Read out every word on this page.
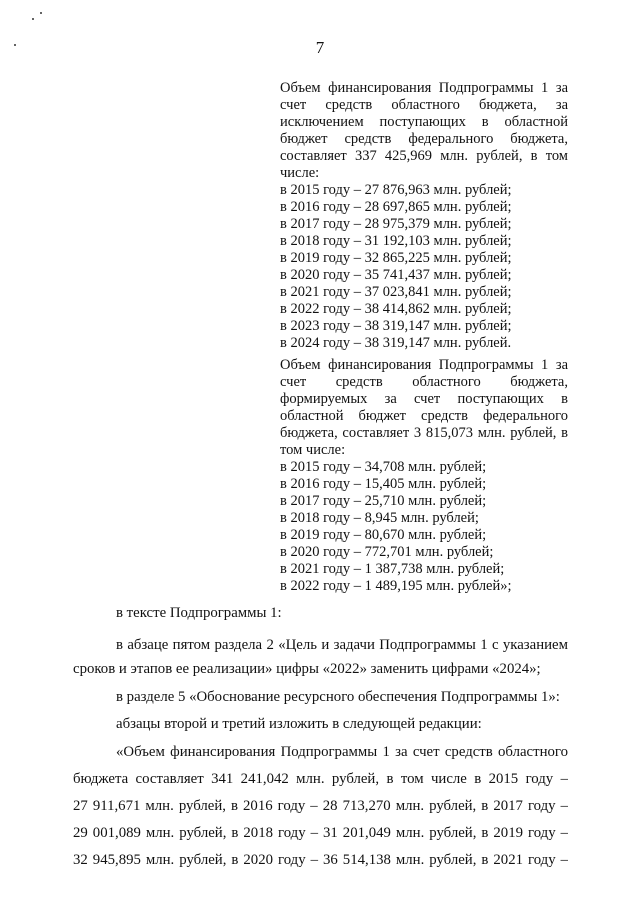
7
Объем финансирования Подпрограммы 1 за счет средств областного бюджета, за исключением поступающих в областной бюджет средств федерального бюджета, составляет 337 425,969 млн. рублей, в том числе:
в 2015 году – 27 876,963 млн. рублей;
в 2016 году – 28 697,865 млн. рублей;
в 2017 году – 28 975,379 млн. рублей;
в 2018 году – 31 192,103 млн. рублей;
в 2019 году – 32 865,225 млн. рублей;
в 2020 году – 35 741,437 млн. рублей;
в 2021 году – 37 023,841 млн. рублей;
в 2022 году – 38 414,862 млн. рублей;
в 2023 году – 38 319,147 млн. рублей;
в 2024 году – 38 319,147 млн. рублей.
Объем финансирования Подпрограммы 1 за счет средств областного бюджета, формируемых за счет поступающих в областной бюджет средств федерального бюджета, составляет 3 815,073 млн. рублей, в том числе:
в 2015 году – 34,708 млн. рублей;
в 2016 году – 15,405 млн. рублей;
в 2017 году – 25,710 млн. рублей;
в 2018 году – 8,945 млн. рублей;
в 2019 году – 80,670 млн. рублей;
в 2020 году – 772,701 млн. рублей;
в 2021 году – 1 387,738 млн. рублей;
в 2022 году – 1 489,195 млн. рублей»;
в тексте Подпрограммы 1:
в абзаце пятом раздела 2 «Цель и задачи Подпрограммы 1 с указанием
сроков и этапов ее реализации» цифры «2022» заменить цифрами «2024»;
в разделе 5 «Обоснование ресурсного обеспечения Подпрограммы 1»:
абзацы второй и третий изложить в следующей редакции:
«Объем финансирования Подпрограммы 1 за счет средств областного
бюджета составляет 341 241,042 млн. рублей, в том числе в 2015 году –
27 911,671 млн. рублей, в 2016 году – 28 713,270 млн. рублей, в 2017 году –
29 001,089 млн. рублей, в 2018 году – 31 201,049 млн. рублей, в 2019 году –
32 945,895 млн. рублей, в 2020 году – 36 514,138 млн. рублей, в 2021 году –
